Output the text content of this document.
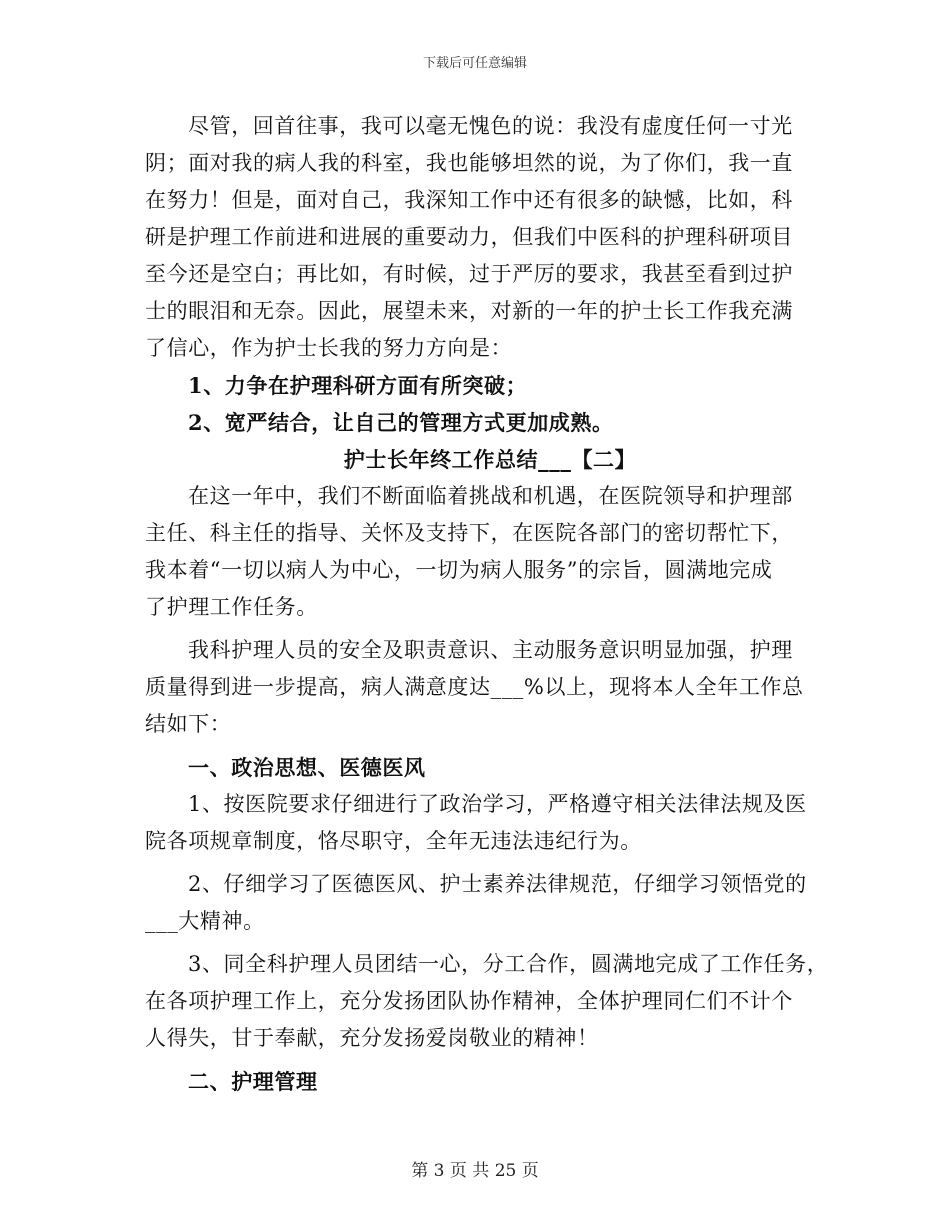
下载后可任意编辑
尽管，回首往事，我可以毫无愧色的说：我没有虚度任何一寸光
阴；面对我的病人我的科室，我也能够坦然的说，为了你们，我一直
在努力！但是，面对自己，我深知工作中还有很多的缺憾，比如，科
研是护理工作前进和进展的重要动力，但我们中医科的护理科研项目
至今还是空白；再比如，有时候，过于严厉的要求，我甚至看到过护
士的眼泪和无奈。因此，展望未来，对新的一年的护士长工作我充满
了信心，作为护士长我的努力方向是：
1、力争在护理科研方面有所突破；
2、宽严结合，让自己的管理方式更加成熟。
护士长年终工作总结___【二】
在这一年中，我们不断面临着挑战和机遇，在医院领导和护理部
主任、科主任的指导、关怀及支持下，在医院各部门的密切帮忙下，
我本着“一切以病人为中心，一切为病人服务”的宗旨，圆满地完成
了护理工作任务。
我科护理人员的安全及职责意识、主动服务意识明显加强，护理
质量得到进一步提高，病人满意度达___%以上，现将本人全年工作总
结如下：
一、政治思想、医德医风
1、按医院要求仔细进行了政治学习，严格遵守相关法律法规及医
院各项规章制度，恪尽职守，全年无违法违纪行为。
2、仔细学习了医德医风、护士素养法律规范，仔细学习领悟党的
___大精神。
3、同全科护理人员团结一心，分工合作，圆满地完成了工作任务，
在各项护理工作上，充分发扬团队协作精神，全体护理同仁们不计个
人得失，甘于奉献，充分发扬爱岗敬业的精神！
二、护理管理
第 3 页 共 25 页
